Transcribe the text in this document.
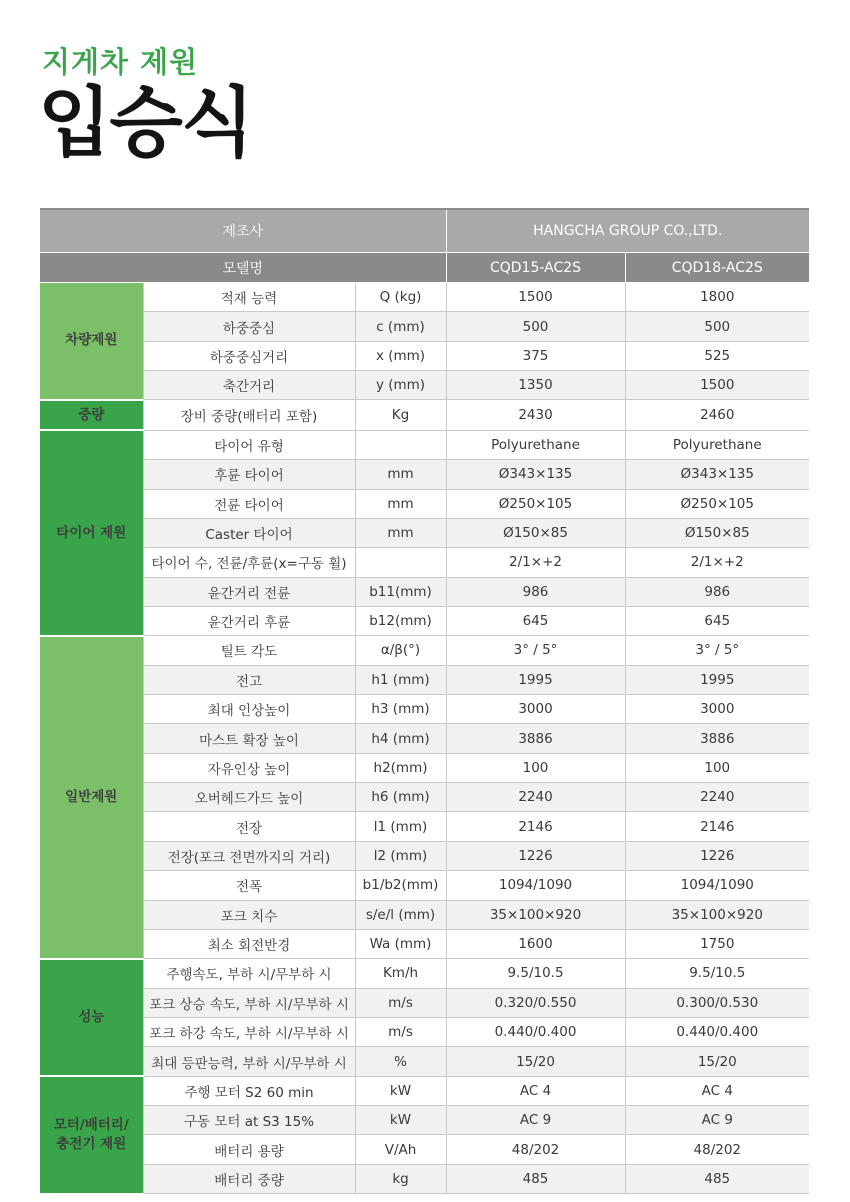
지게차 제원
입승식
제조사			HANGCHA GROUP CO.,LTD.	
모델명			CQD15-AC2S	CQD18-AC2S
차량제원	적재 능력	Q (kg)	1500	1800
	하중중심	c (mm)	500	500
	하중중심거리	x (mm)	375	525
	축간거리	y (mm)	1350	1500
중량	장비 중량(배터리 포함)	Kg	2430	2460
타이어 제원	타이어 유형		Polyurethane	Polyurethane
	후륜 타이어	mm	Ø343×135	Ø343×135
	전륜 타이어	mm	Ø250×105	Ø250×105
	Caster 타이어	mm	Ø150×85	Ø150×85
	타이어 수, 전륜/후륜(x=구동 휠)		2/1×+2	2/1×+2
	윤간거리 전륜	b11(mm)	986	986
	윤간거리 후륜	b12(mm)	645	645
일반제원	틸트 각도	α/β(°)	3° / 5°	3° / 5°
	전고	h1 (mm)	1995	1995
	최대 인상높이	h3 (mm)	3000	3000
	마스트 확장 높이	h4 (mm)	3886	3886
	자유인상 높이	h2(mm)	100	100
	오버헤드가드 높이	h6 (mm)	2240	2240
	전장	l1 (mm)	2146	2146
	전장(포크 전면까지의 거리)	l2 (mm)	1226	1226
	전폭	b1/b2(mm)	1094/1090	1094/1090
	포크 치수	s/e/l (mm)	35×100×920	35×100×920
	최소 회전반경	Wa (mm)	1600	1750
성능	주행속도, 부하 시/무부하 시	Km/h	9.5/10.5	9.5/10.5
	포크 상승 속도, 부하 시/무부하 시	m/s	0.320/0.550	0.300/0.530
	포크 하강 속도, 부하 시/무부하 시	m/s	0.440/0.400	0.440/0.400
	최대 등판능력, 부하 시/무부하 시	%	15/20	15/20
모터/배터리/
충전기 제원	주행 모터 S2 60 min	kW	AC 4	AC 4
	구동 모터 at S3 15%	kW	AC 9	AC 9
	배터리 용량	V/Ah	48/202	48/202
	배터리 중량	kg	485	485
